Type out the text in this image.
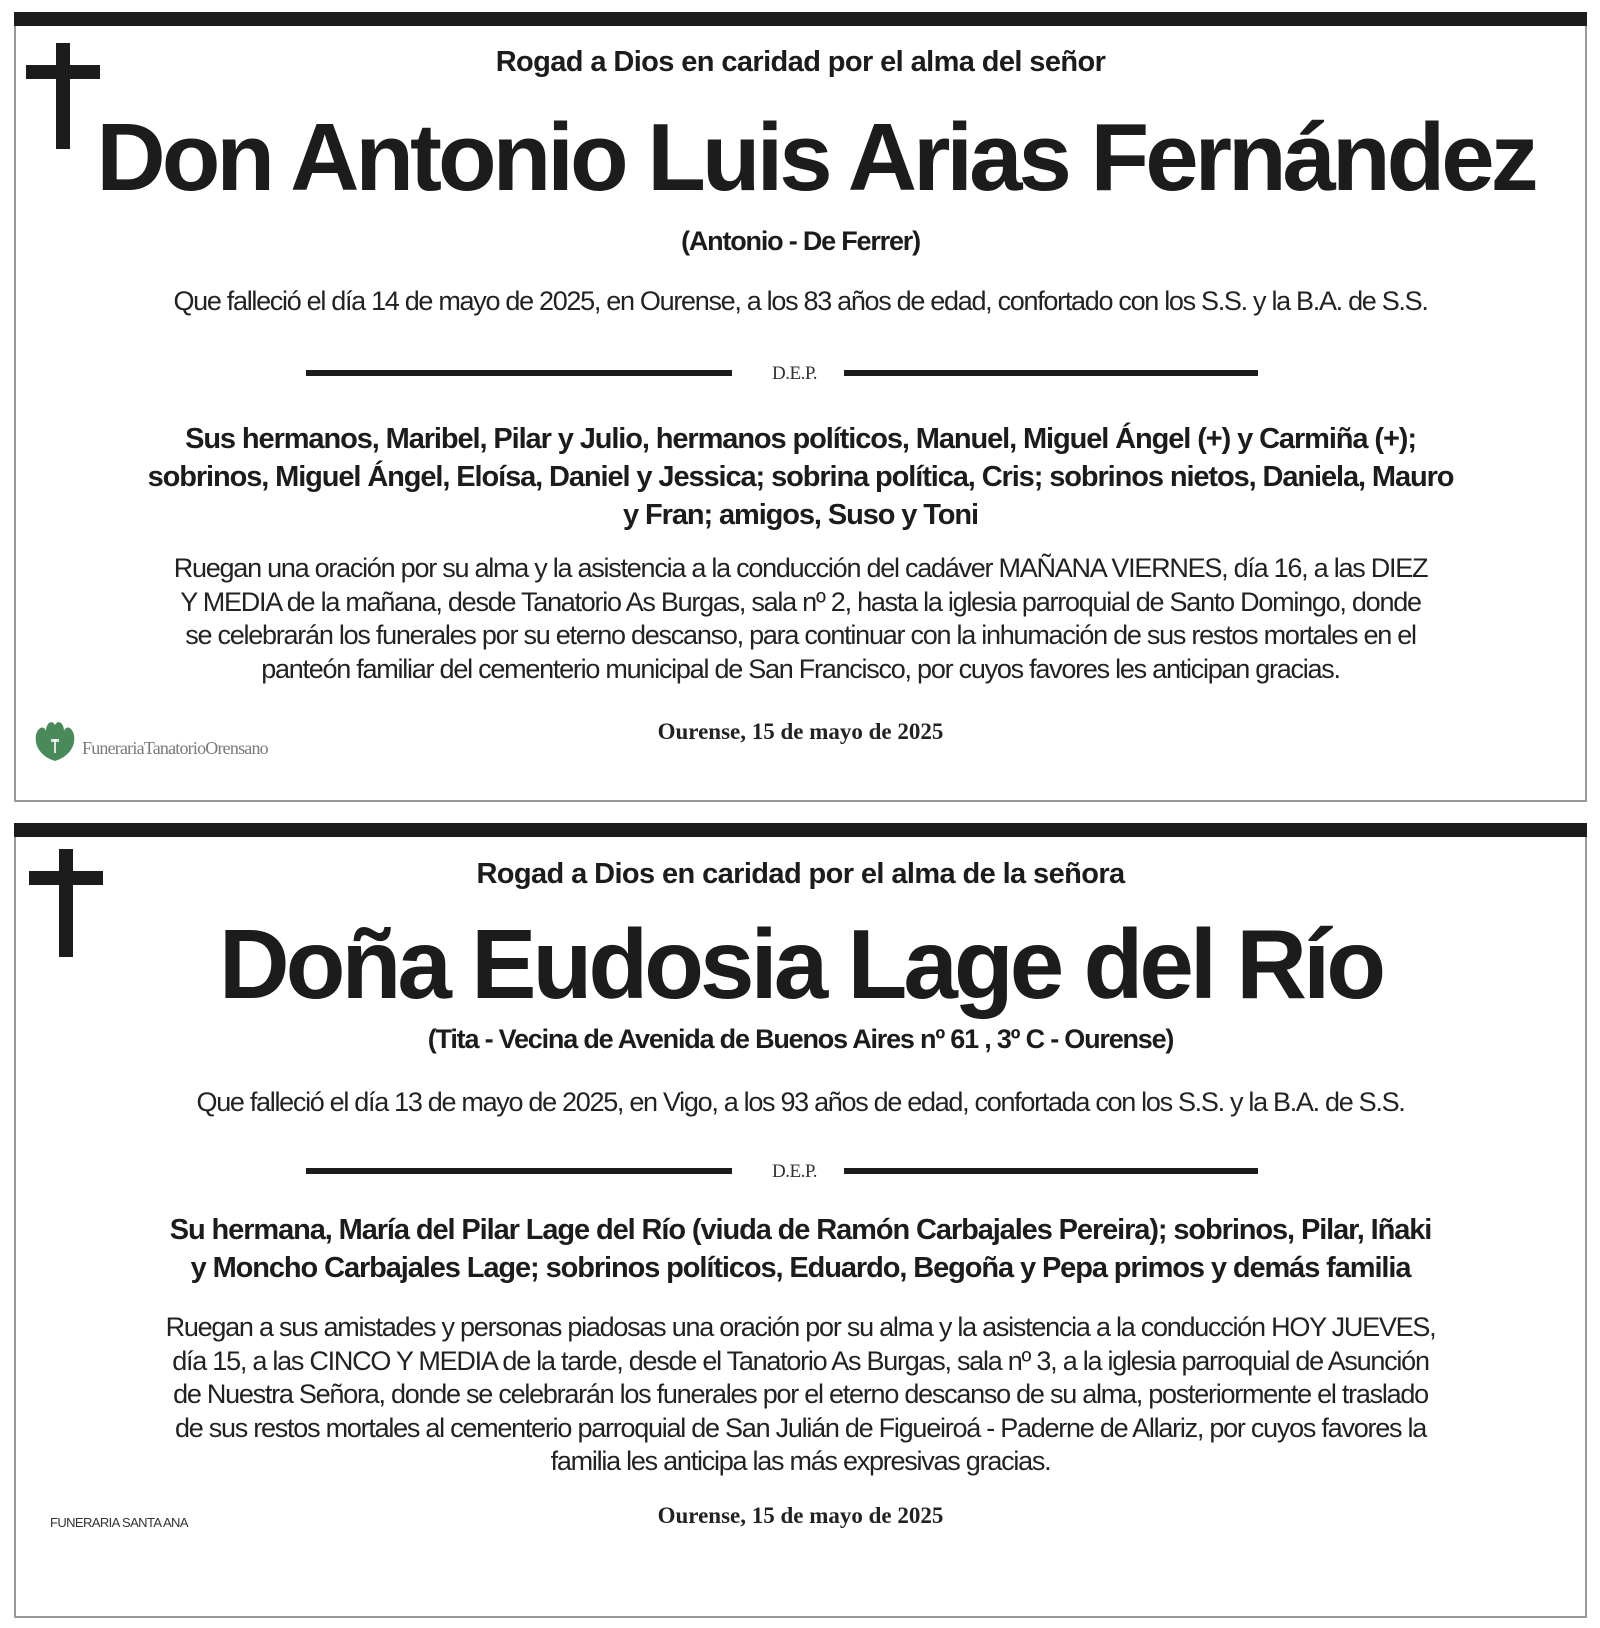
Rogad a Dios en caridad por el alma del señor
Don Antonio Luis Arias Fernández
(Antonio - De Ferrer)
Que falleció el día 14 de mayo de 2025, en Ourense, a los 83 años de edad, confortado con los S.S. y la B.A. de S.S.
D.E.P.
Sus hermanos, Maribel, Pilar y Julio, hermanos políticos, Manuel, Miguel Ángel (+) y Carmiña (+);
sobrinos, Miguel Ángel, Eloísa, Daniel y Jessica; sobrina política, Cris; sobrinos nietos, Daniela, Mauro
y Fran; amigos, Suso y Toni
Ruegan una oración por su alma y la asistencia a la conducción del cadáver MAÑANA VIERNES, día 16, a las DIEZ
Y MEDIA de la mañana, desde Tanatorio As Burgas, sala nº 2, hasta la iglesia parroquial de Santo Domingo, donde
se celebrarán los funerales por su eterno descanso, para continuar con la inhumación de sus restos mortales en el
panteón familiar del cementerio municipal de San Francisco, por cuyos favores les anticipan gracias.
Ourense, 15 de mayo de 2025
FunerariaTanatorioOrensano
Rogad a Dios en caridad por el alma de la señora
Doña Eudosia Lage del Río
(Tita - Vecina de Avenida de Buenos Aires nº 61 , 3º C - Ourense)
Que falleció el día 13 de mayo de 2025, en Vigo, a los 93 años de edad, confortada con los S.S. y la B.A. de S.S.
D.E.P.
Su hermana, María del Pilar Lage del Río (viuda de Ramón Carbajales Pereira); sobrinos, Pilar, Iñaki
y Moncho Carbajales Lage; sobrinos políticos, Eduardo, Begoña y Pepa primos y demás familia
Ruegan a sus amistades y personas piadosas una oración por su alma y la asistencia a la conducción HOY JUEVES,
día 15, a las CINCO Y MEDIA de la tarde, desde el Tanatorio As Burgas, sala nº 3, a la iglesia parroquial de Asunción
de Nuestra Señora, donde se celebrarán los funerales por el eterno descanso de su alma, posteriormente el traslado
de sus restos mortales al cementerio parroquial de San Julián de Figueiroá - Paderne de Allariz, por cuyos favores la
familia les anticipa las más expresivas gracias.
Ourense, 15 de mayo de 2025
FUNERARIA SANTA ANA
